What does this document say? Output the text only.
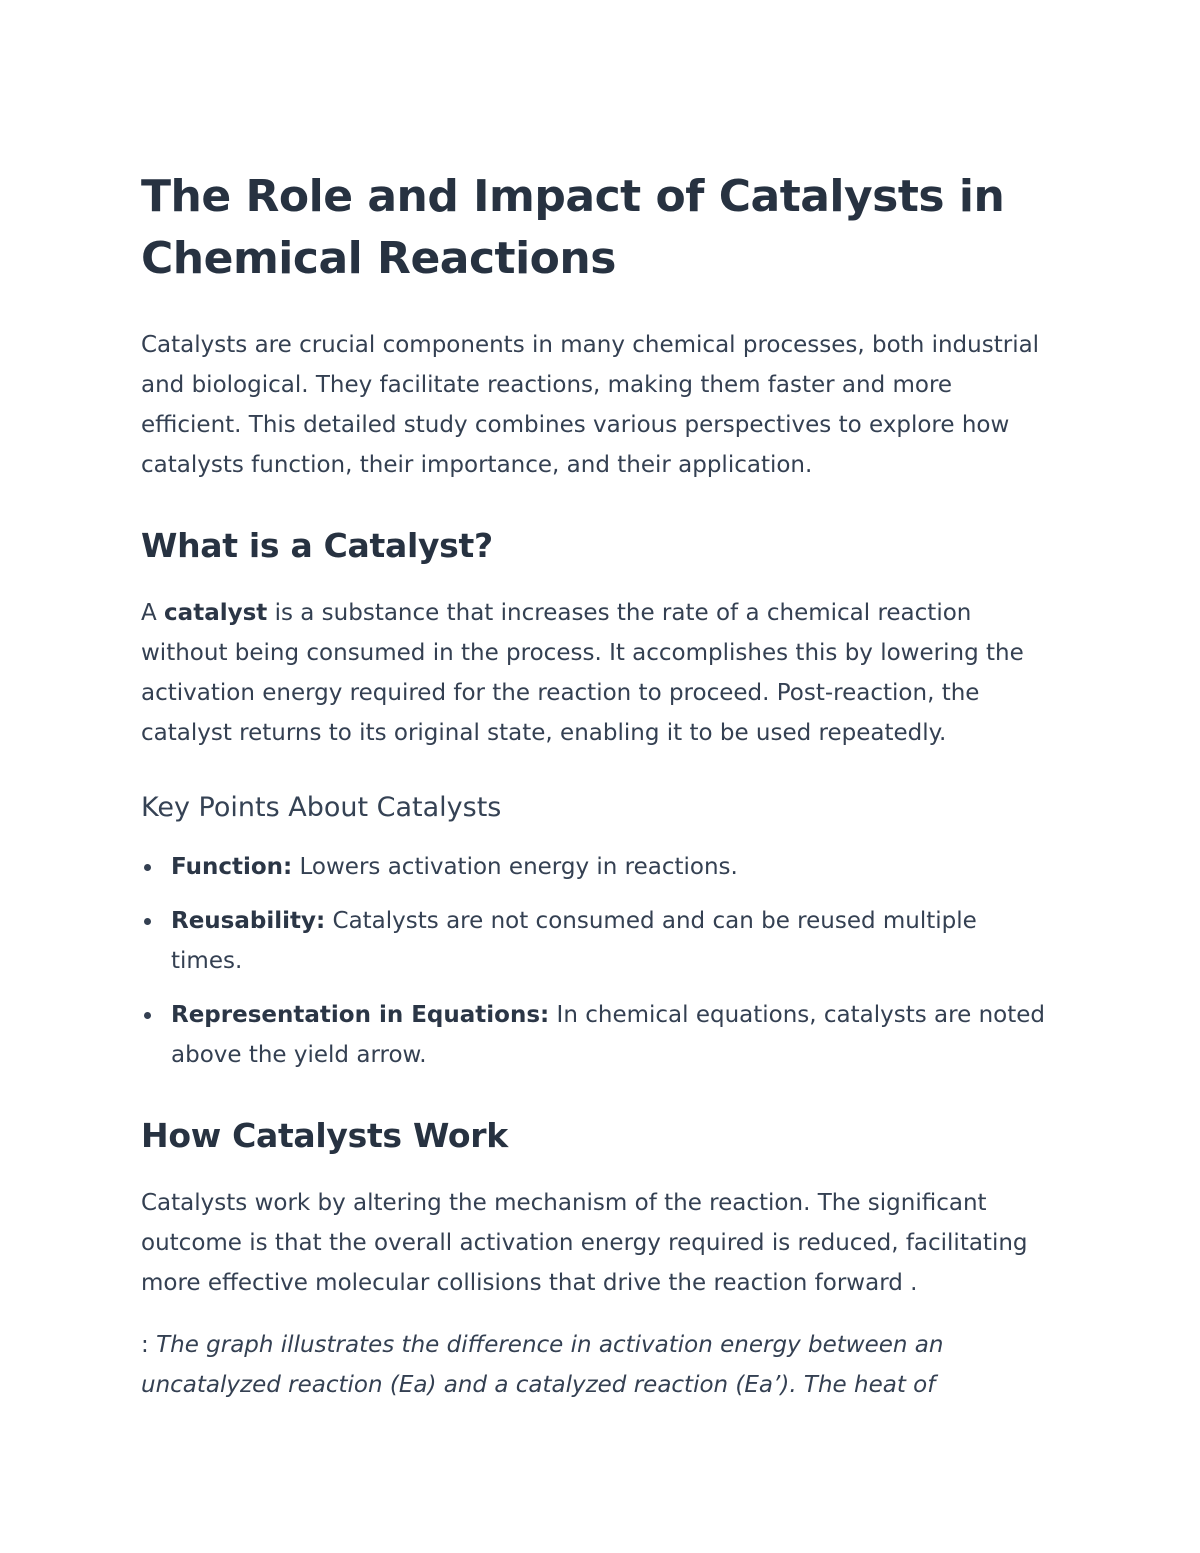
The Role and Impact of Catalysts in Chemical Reactions

Catalysts are crucial components in many chemical processes, both industrial and biological. They facilitate reactions, making them faster and more efficient. This detailed study combines various perspectives to explore how catalysts function, their importance, and their application.

What is a Catalyst?

A catalyst is a substance that increases the rate of a chemical reaction without being consumed in the process. It accomplishes this by lowering the activation energy required for the reaction to proceed. Post-reaction, the catalyst returns to its original state, enabling it to be used repeatedly.

Key Points About Catalysts
Function: Lowers activation energy in reactions.
Reusability: Catalysts are not consumed and can be reused multiple times.
Representation in Equations: In chemical equations, catalysts are noted above the yield arrow.
How Catalysts Work

Catalysts work by altering the mechanism of the reaction. The significant outcome is that the overall activation energy required is reduced, facilitating more effective molecular collisions that drive the reaction forward .

: The graph illustrates the difference in activation energy between an uncatalyzed reaction (Ea) and a catalyzed reaction (Ea’). The heat of
